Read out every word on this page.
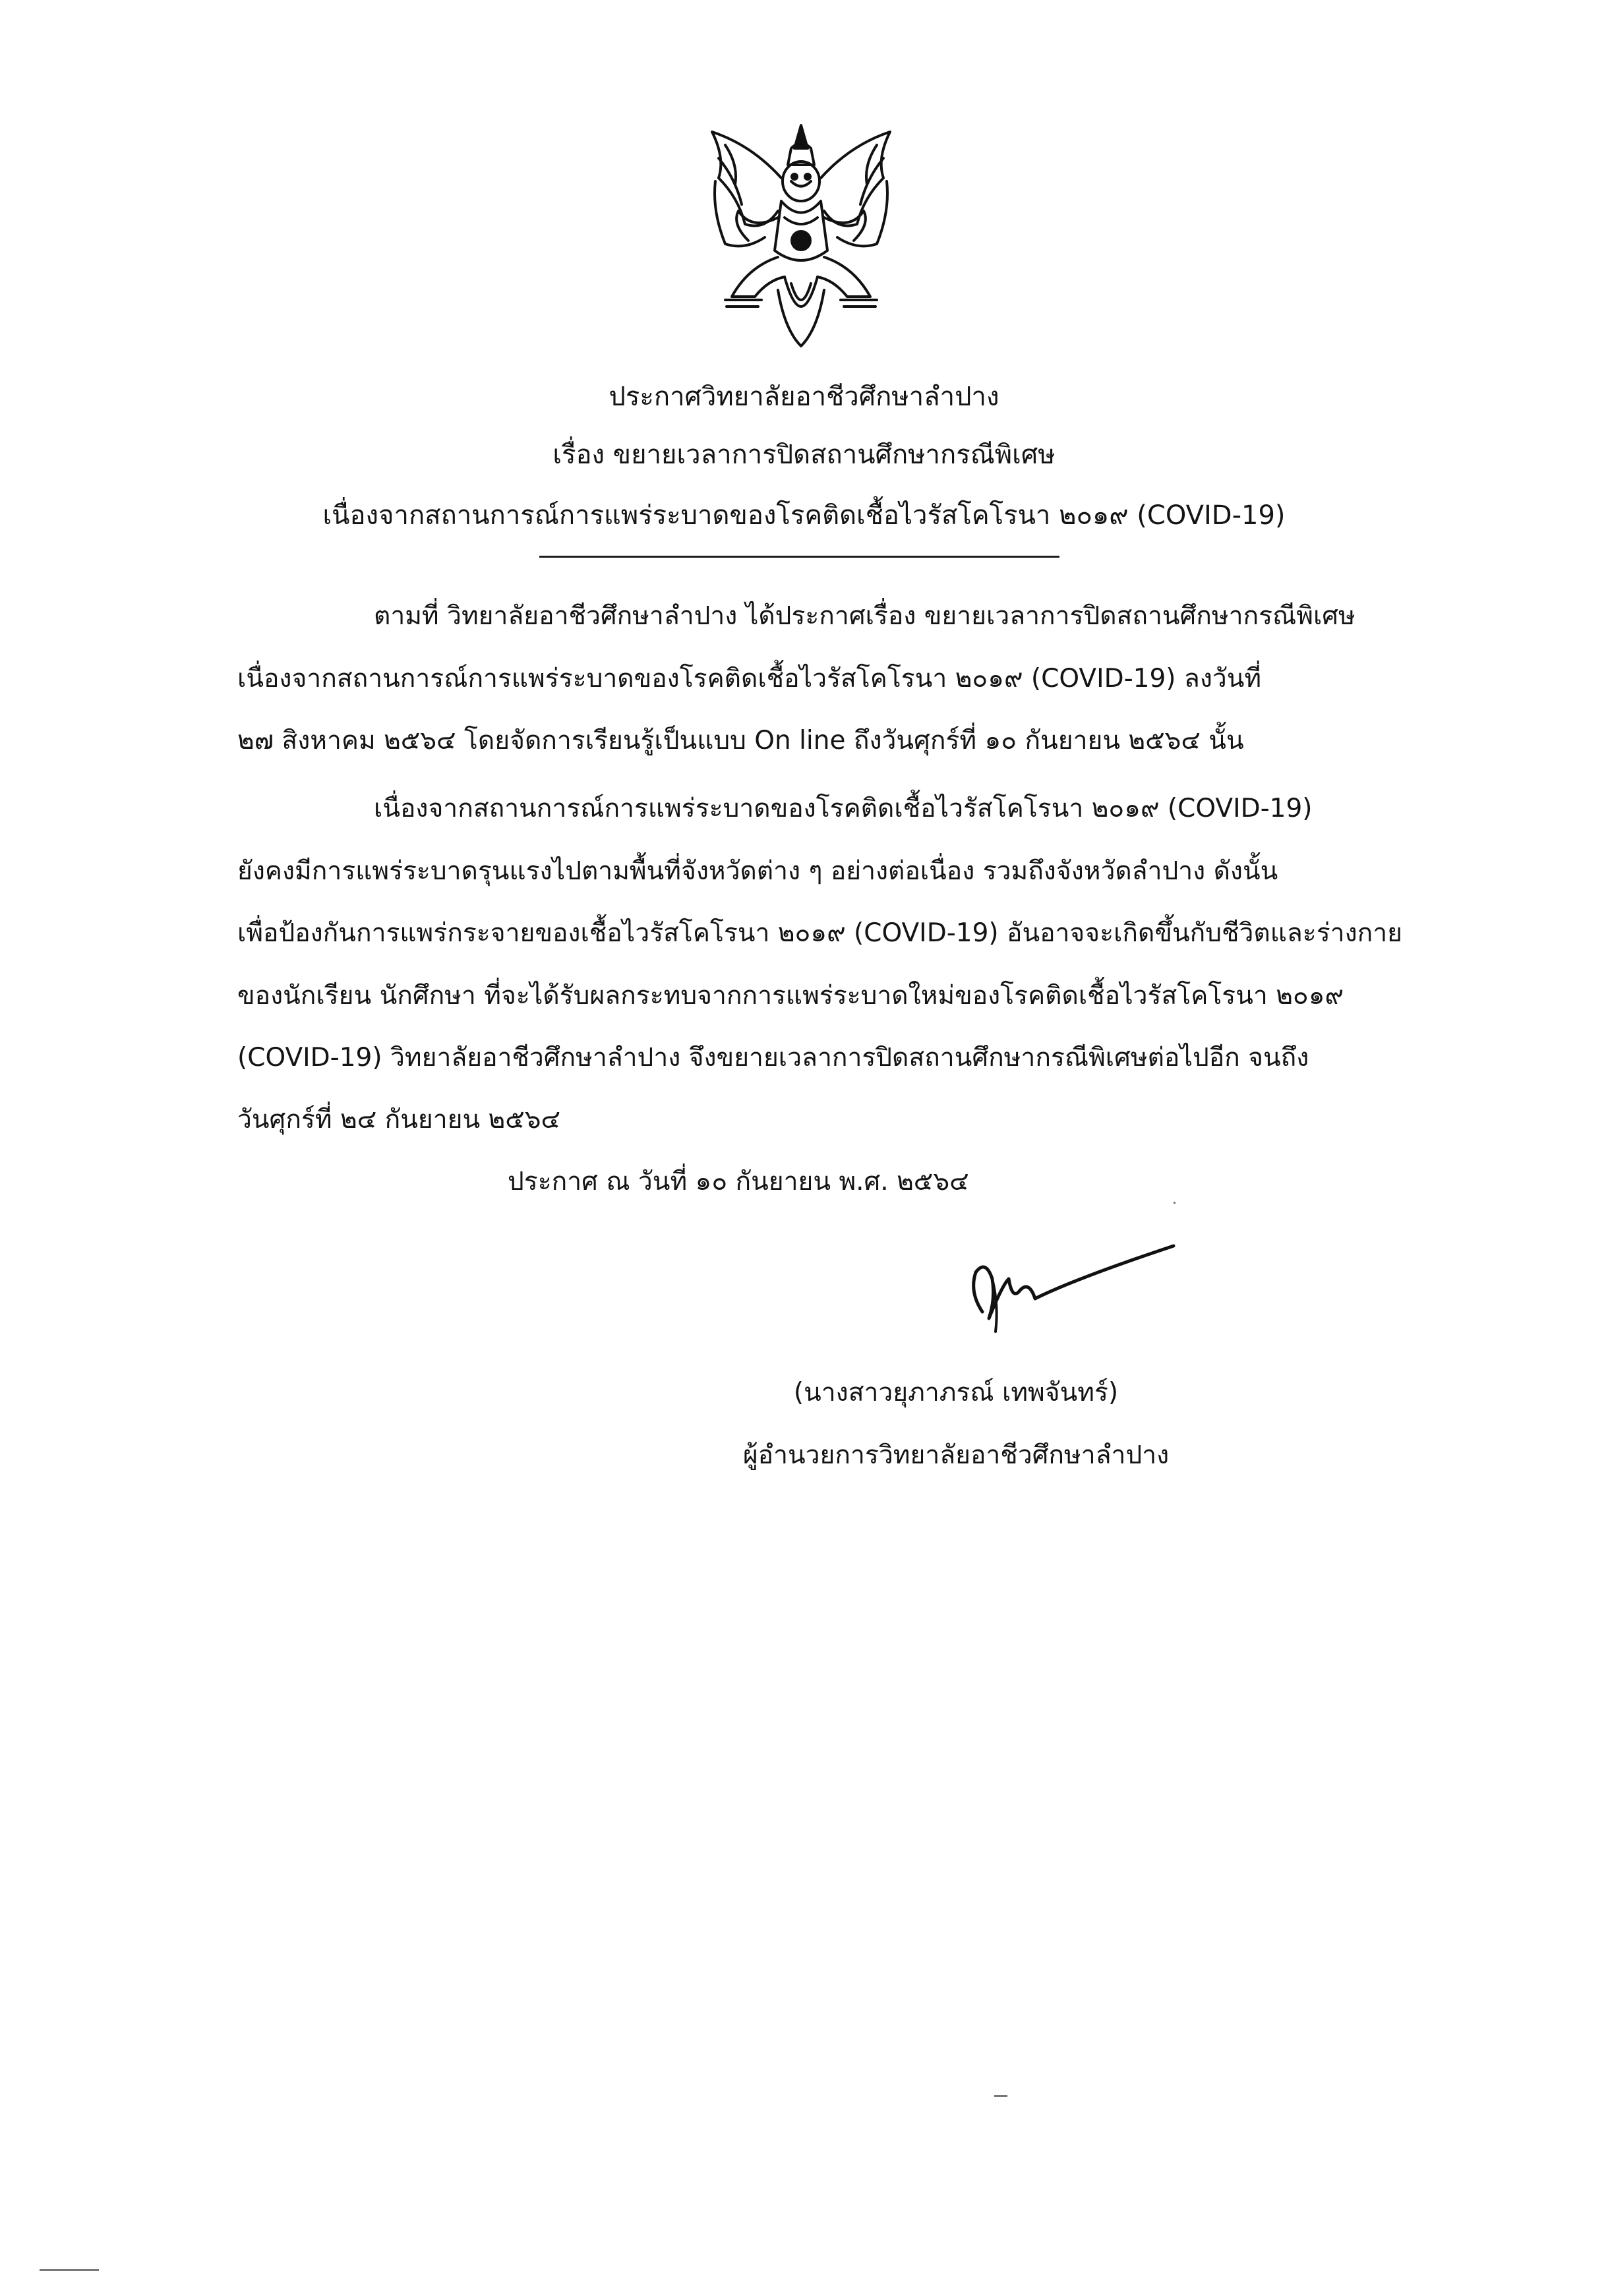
ประกาศวิทยาลัยอาชีวศึกษาลำปาง
เรื่อง ขยายเวลาการปิดสถานศึกษากรณีพิเศษ
เนื่องจากสถานการณ์การแพร่ระบาดของโรคติดเชื้อไวรัสโคโรนา ๒๐๑๙ (COVID-19)
ตามที่ วิทยาลัยอาชีวศึกษาลำปาง ได้ประกาศเรื่อง ขยายเวลาการปิดสถานศึกษากรณีพิเศษ
เนื่องจากสถานการณ์การแพร่ระบาดของโรคติดเชื้อไวรัสโคโรนา ๒๐๑๙ (COVID-19) ลงวันที่
๒๗ สิงหาคม ๒๕๖๔ โดยจัดการเรียนรู้เป็นแบบ On line ถึงวันศุกร์ที่ ๑๐ กันยายน ๒๕๖๔ นั้น
เนื่องจากสถานการณ์การแพร่ระบาดของโรคติดเชื้อไวรัสโคโรนา ๒๐๑๙ (COVID-19)
ยังคงมีการแพร่ระบาดรุนแรงไปตามพื้นที่จังหวัดต่าง ๆ อย่างต่อเนื่อง รวมถึงจังหวัดลำปาง ดังนั้น
เพื่อป้องกันการแพร่กระจายของเชื้อไวรัสโคโรนา ๒๐๑๙ (COVID-19) อันอาจจะเกิดขึ้นกับชีวิตและร่างกาย
ของนักเรียน นักศึกษา ที่จะได้รับผลกระทบจากการแพร่ระบาดใหม่ของโรคติดเชื้อไวรัสโคโรนา ๒๐๑๙
(COVID-19) วิทยาลัยอาชีวศึกษาลำปาง จึงขยายเวลาการปิดสถานศึกษากรณีพิเศษต่อไปอีก จนถึง
วันศุกร์ที่ ๒๔ กันยายน ๒๕๖๔
ประกาศ ณ วันที่ ๑๐ กันยายน พ.ศ. ๒๕๖๔
(นางสาวยุภาภรณ์ เทพจันทร์)
ผู้อำนวยการวิทยาลัยอาชีวศึกษาลำปาง
